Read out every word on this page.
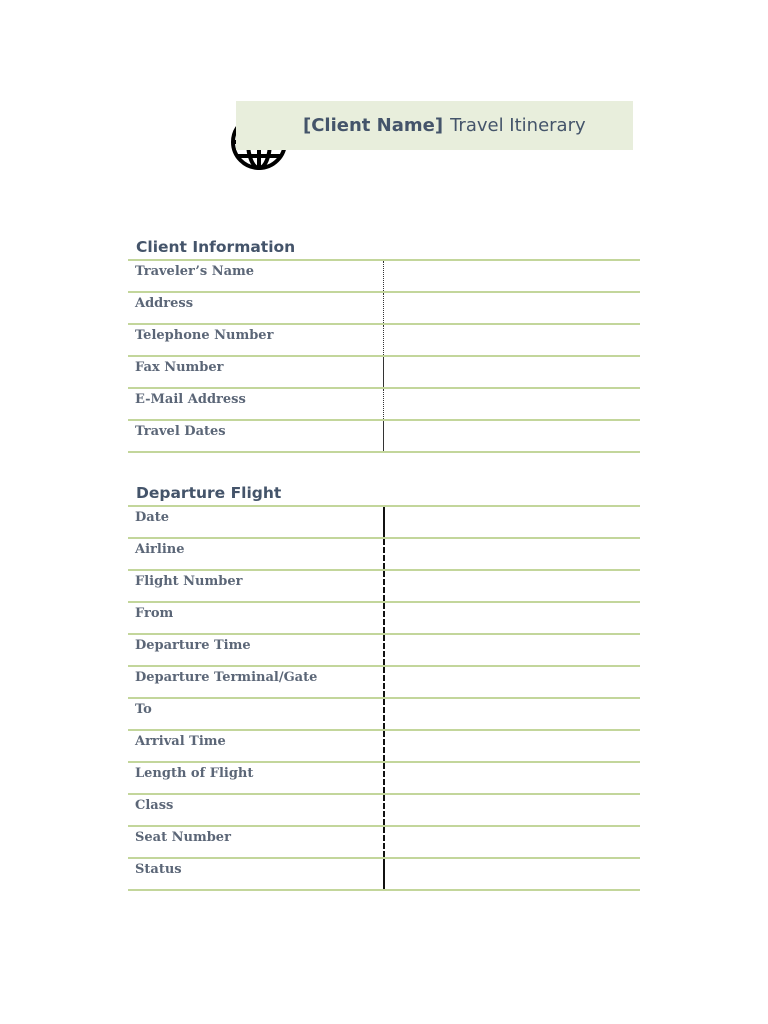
[Client Name] Travel Itinerary
Client Information
Traveler’s Name
Address
Telephone Number
Fax Number
E-Mail Address
Travel Dates
Departure Flight
Date
Airline
Flight Number
From
Departure Time
Departure Terminal/Gate
To
Arrival Time
Length of Flight
Class
Seat Number
Status
